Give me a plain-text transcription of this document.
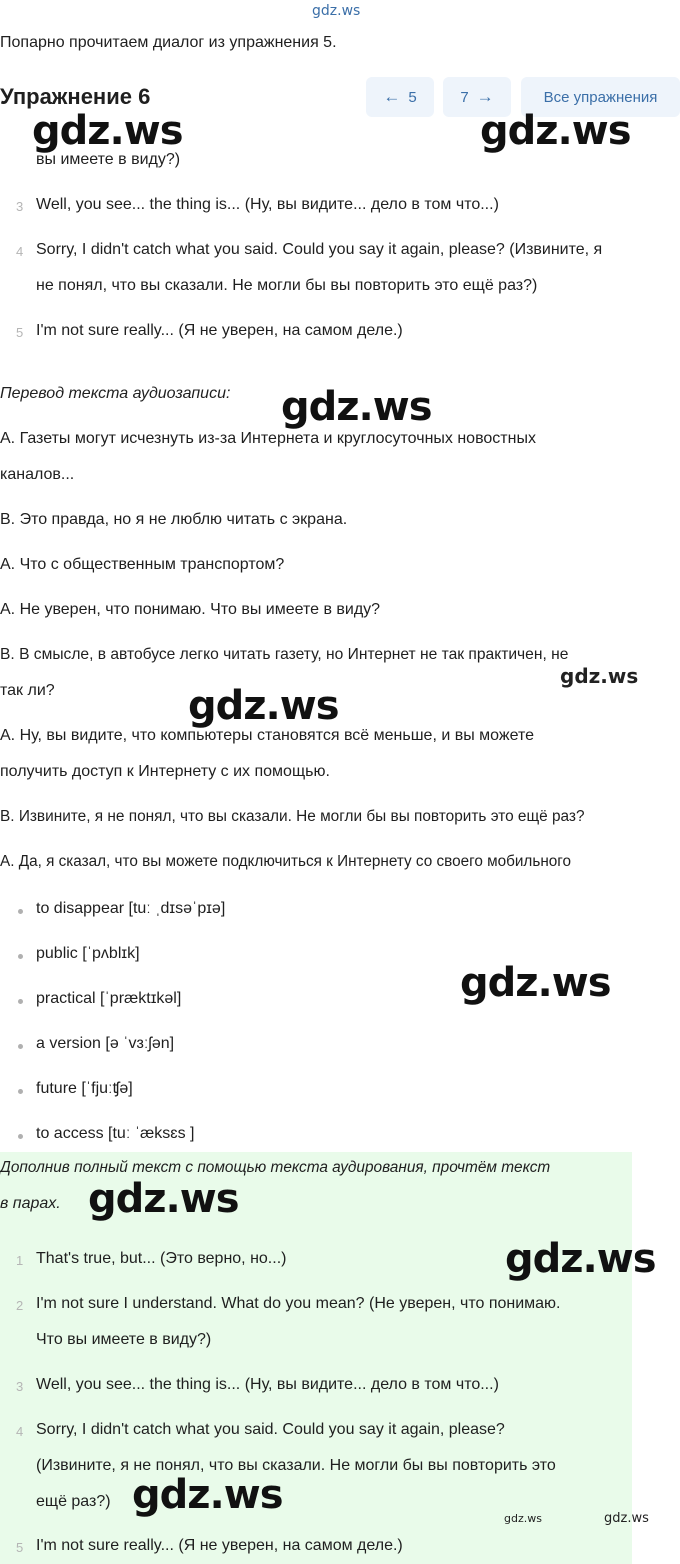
gdz.ws
Попарно прочитаем диалог из упражнения 5.
Упражнение 6	← 5	7 →	Все упражнения
вы имеете в виду?)
3 Well, you see... the thing is... (Ну, вы видите... дело в том что...)
4 Sorry, I didn't catch what you said. Could you say it again, please? (Извините, я
не понял, что вы сказали. Не могли бы вы повторить это ещё раз?)
5 I'm not sure really... (Я не уверен, на самом деле.)
Перевод текста аудиозаписи:
A. Газеты могут исчезнуть из-за Интернета и круглосуточных новостных
каналов...
B. Это правда, но я не люблю читать с экрана.
A. Что с общественным транспортом?
A. Не уверен, что понимаю. Что вы имеете в виду?
B. В смысле, в автобусе легко читать газету, но Интернет не так практичен, не
так ли?
A. Ну, вы видите, что компьютеры становятся всё меньше, и вы можете
получить доступ к Интернету с их помощью.
B. Извините, я не понял, что вы сказали. Не могли бы вы повторить это ещё раз?
A. Да, я сказал, что вы можете подключиться к Интернету со своего мобильного
to disappear [tuː ˌdɪsəˈpɪə]
public [ˈpʌblɪk]
practical [ˈpræktɪkəl]
a version [ə ˈvɜːʃən]
future [ˈfjuːʧə]
to access [tuː ˈæksɛs ]
Дополнив полный текст с помощью текста аудирования, прочтём текст
в парах.
1 That's true, but... (Это верно, но...)
2 I'm not sure I understand. What do you mean? (Не уверен, что понимаю.
Что вы имеете в виду?)
3 Well, you see... the thing is... (Ну, вы видите... дело в том что...)
4 Sorry, I didn't catch what you said. Could you say it again, please?
(Извините, я не понял, что вы сказали. Не могли бы вы повторить это
ещё раз?)
5 I'm not sure really... (Я не уверен, на самом деле.)
gdz.ws	gdz.ws
gdz.ws
gdz.ws
gdz.ws
gdz.ws
gdz.ws
gdz.ws
gdz.ws
gdz.ws	gdz.ws
